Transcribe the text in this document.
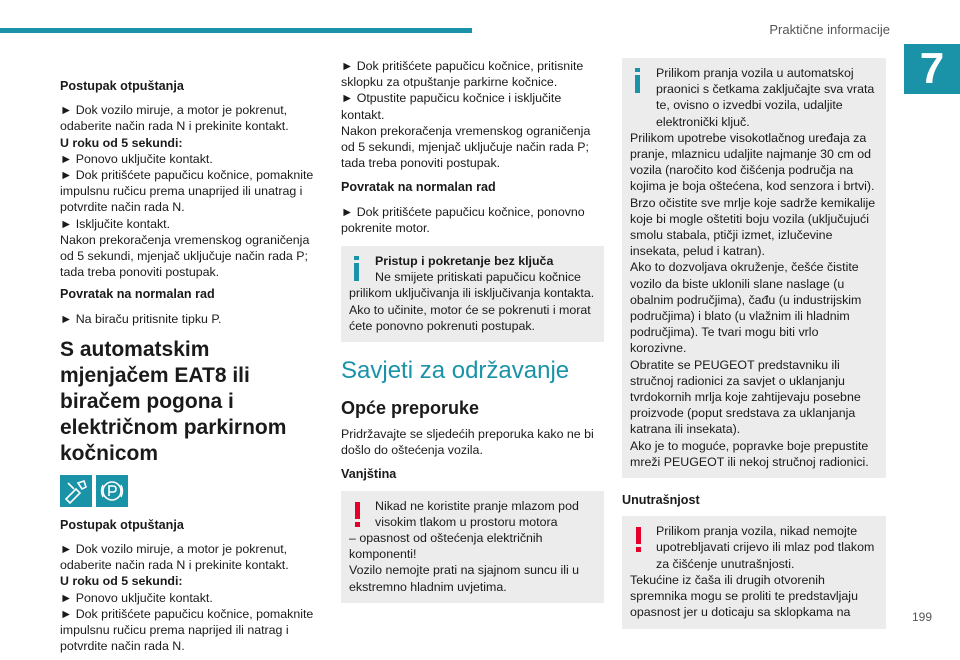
Praktične informacije
7
199
Postupak otpuštanja

► Dok vozilo miruje, a motor je pokrenut, odaberite način rada N i prekinite kontakt.

U roku od 5 sekundi:

► Ponovo uključite kontakt.

► Dok pritišćete papučicu kočnice, pomaknite impulsnu ručicu prema unaprijed ili unatrag i potvrdite način rada N.

► Isključite kontakt.

Nakon prekoračenja vremenskog ograničenja od 5 sekundi, mjenjač uključuje način rada P; tada treba ponoviti postupak.

Povratak na normalan rad
► Na biraču pritisnite tipku P.
S automatskim mjenjačem EAT8 ili biračem pogona i električnom parkirnom kočnicom
Postupak otpuštanja

► Dok vozilo miruje, a motor je pokrenut, odaberite način rada N i prekinite kontakt.

U roku od 5 sekundi:

► Ponovo uključite kontakt.

► Dok pritišćete papučicu kočnice, pomaknite impulsnu ručicu prema naprijed ili natrag i potvrdite način rada N.

► Dok pritišćete papučicu kočnice, pritisnite sklopku za otpuštanje parkirne kočnice.

► Otpustite papučicu kočnice i isključite kontakt.

Nakon prekoračenja vremenskog ograničenja od 5 sekundi, mjenjač uključuje način rada P; tada treba ponoviti postupak.

Povratak na normalan rad
► Dok pritišćete papučicu kočnice, ponovno pokrenite motor.

Pristup i pokretanje bez ključa

Ne smijete pritiskati papučicu kočnice prilikom uključivanja ili isključivanja kontakta. Ako to učinite, motor će se pokrenuti i morat ćete ponovno pokrenuti postupak.

Savjeti za održavanje
Opće preporuke
Pridržavajte se sljedećih preporuka kako ne bi došlo do oštećenja vozila.
Vanjština

Nikad ne koristite pranje mlazom pod visokim tlakom u prostoru motora

– opasnost od oštećenja električnih komponenti!

Vozilo nemojte prati na sjajnom suncu ili u ekstremno hladnim uvjetima.

Prilikom pranja vozila u automatskoj praonici s četkama zaključajte sva vrata te, ovisno o izvedbi vozila, udaljite elektronički ključ.

Prilikom upotrebe visokotlačnog uređaja za pranje, mlaznicu udaljite najmanje 30 cm od vozila (naročito kod čišćenja područja na kojima je boja oštećena, kod senzora i brtvi).

Brzo očistite sve mrlje koje sadrže kemikalije koje bi mogle oštetiti boju vozila (uključujući smolu stabala, ptičji izmet, izlučevine insekata, pelud i katran).

Ako to dozvoljava okruženje, češće čistite vozilo da biste uklonili slane naslage (u obalnim područjima), čađu (u industrijskim područjima) i blato (u vlažnim ili hladnim područjima). Te tvari mogu biti vrlo korozivne.

Obratite se PEUGEOT predstavniku ili stručnoj radionici za savjet o uklanjanju tvrdokornih mrlja koje zahtijevaju posebne proizvode (poput sredstava za uklanjanja katrana ili insekata).

Ako je to moguće, popravke boje prepustite mreži PEUGEOT ili nekoj stručnoj radionici.

Unutrašnjost

Prilikom pranja vozila, nikad nemojte upotrebljavati crijevo ili mlaz pod tlakom za čišćenje unutrašnjosti.

Tekućine iz čaša ili drugih otvorenih spremnika mogu se proliti te predstavljaju opasnost jer u doticaju sa sklopkama na
